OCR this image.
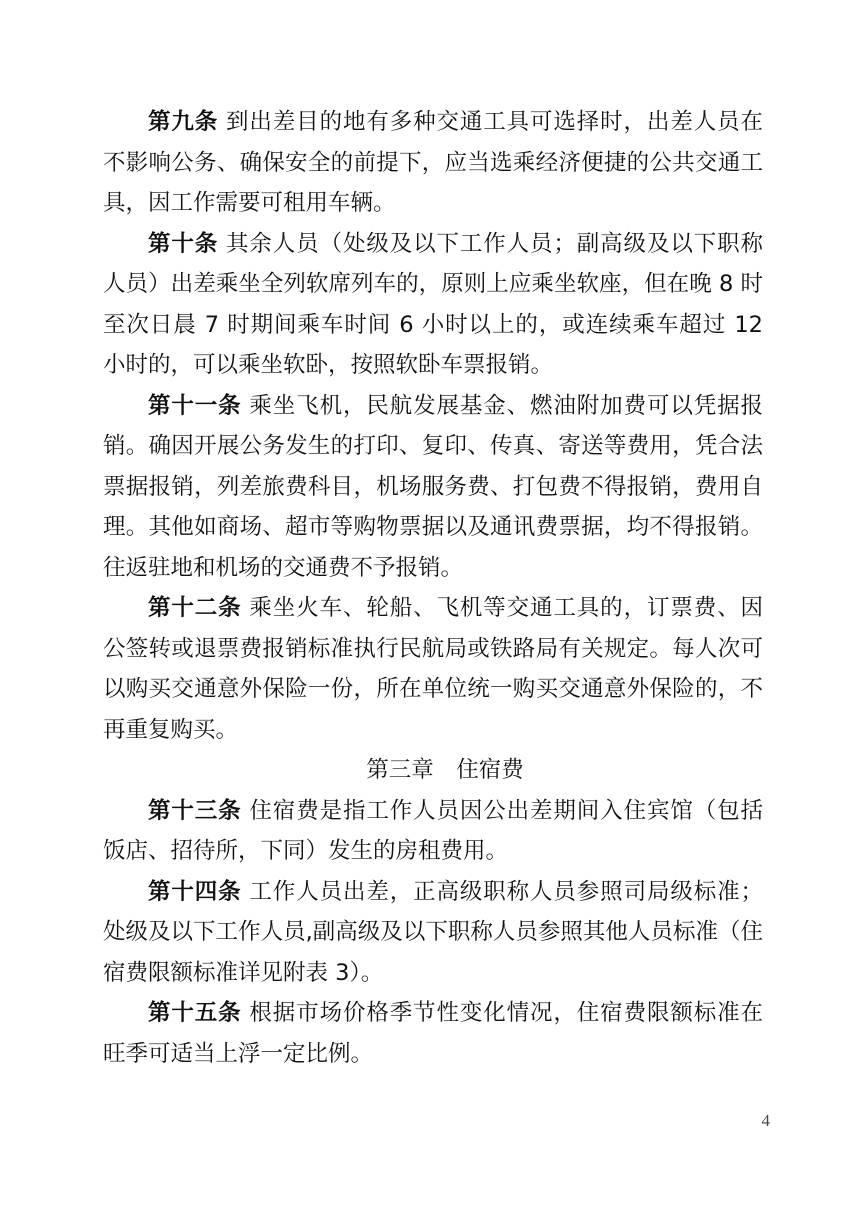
第九条 到出差目的地有多种交通工具可选择时，出差人员在不影响公务、确保安全的前提下，应当选乘经济便捷的公共交通工具，因工作需要可租用车辆。

第十条 其余人员（处级及以下工作人员；副高级及以下职称人员）出差乘坐全列软席列车的，原则上应乘坐软座，但在晚 8 时至次日晨 7 时期间乘车时间 6 小时以上的，或连续乘车超过 12 小时的，可以乘坐软卧，按照软卧车票报销。

第十一条 乘坐飞机，民航发展基金、燃油附加费可以凭据报销。确因开展公务发生的打印、复印、传真、寄送等费用，凭合法票据报销，列差旅费科目，机场服务费、打包费不得报销，费用自理。其他如商场、超市等购物票据以及通讯费票据，均不得报销。往返驻地和机场的交通费不予报销。

第十二条 乘坐火车、轮船、飞机等交通工具的，订票费、因公签转或退票费报销标准执行民航局或铁路局有关规定。每人次可以购买交通意外保险一份，所在单位统一购买交通意外保险的，不再重复购买。

第三章 住宿费

第十三条 住宿费是指工作人员因公出差期间入住宾馆（包括饭店、招待所，下同）发生的房租费用。

第十四条 工作人员出差，正高级职称人员参照司局级标准；处级及以下工作人员,副高级及以下职称人员参照其他人员标准（住宿费限额标准详见附表 3）。

第十五条 根据市场价格季节性变化情况，住宿费限额标准在旺季可适当上浮一定比例。

4
